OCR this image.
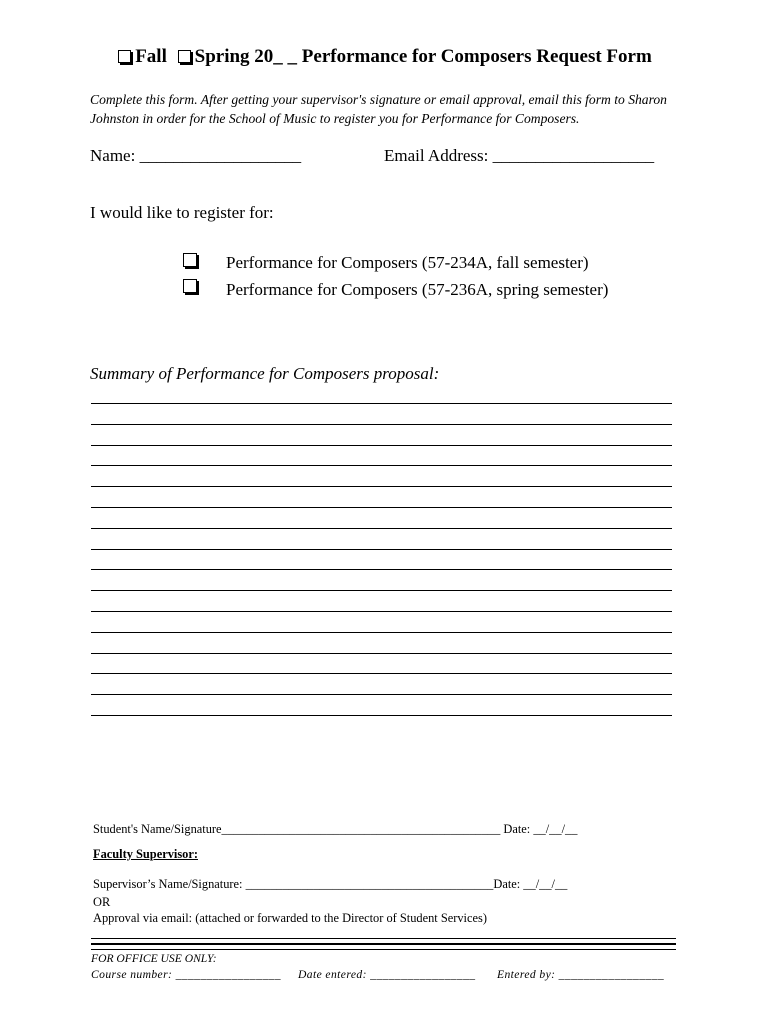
Fall Spring 20_ _ Performance for Composers Request Form
Complete this form. After getting your supervisor's signature or email approval, email this form to Sharon Johnston in order for the School of Music to register you for Performance for Composers.
Name: ___________________	Email Address: ___________________
I would like to register for:
Performance for Composers (57-234A, fall semester)
Performance for Composers (57-236A, spring semester)
Summary of Performance for Composers proposal:
Student's Name/Signature_____________________________________________ Date: __/__/__
Faculty Supervisor:
Supervisor’s Name/Signature: ________________________________________Date: __/__/__
OR
Approval via email: (attached or forwarded to the Director of Student Services)
FOR OFFICE USE ONLY:
Course number: _________________ Date entered: _________________ Entered by: _________________
